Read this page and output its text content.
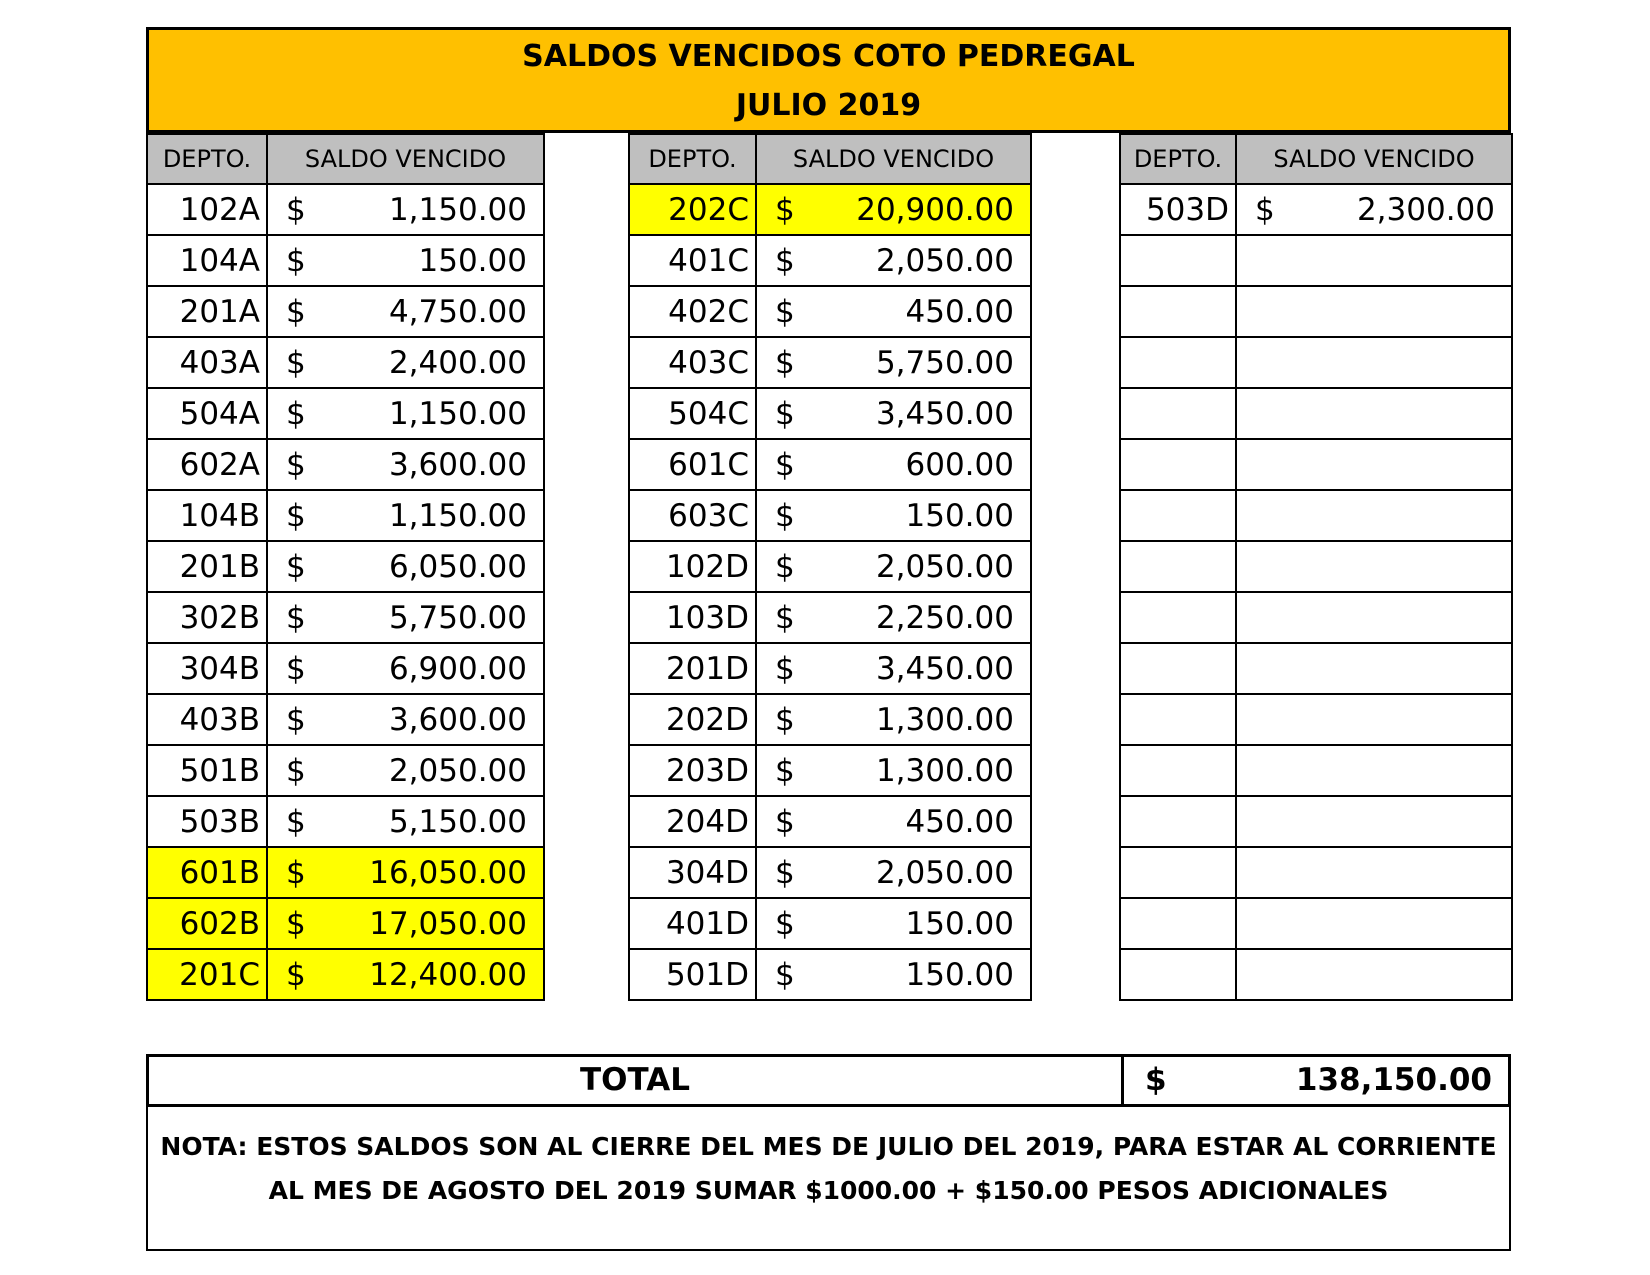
SALDOS VENCIDOS COTO PEDREGAL
JULIO 2019
DEPTO.	SALDO VENCIDO
102A	$ 1,150.00
104A	$ 150.00
201A	$ 4,750.00
403A	$ 2,400.00
504A	$ 1,150.00
602A	$ 3,600.00
104B	$ 1,150.00
201B	$ 6,050.00
302B	$ 5,750.00
304B	$ 6,900.00
403B	$ 3,600.00
501B	$ 2,050.00
503B	$ 5,150.00
601B	$ 16,050.00
602B	$ 17,050.00
201C	$ 12,400.00
DEPTO.	SALDO VENCIDO
202C	$ 20,900.00
401C	$ 2,050.00
402C	$ 450.00
403C	$ 5,750.00
504C	$ 3,450.00
601C	$ 600.00
603C	$ 150.00
102D	$ 2,050.00
103D	$ 2,250.00
201D	$ 3,450.00
202D	$ 1,300.00
203D	$ 1,300.00
204D	$ 450.00
304D	$ 2,050.00
401D	$ 150.00
501D	$ 150.00
DEPTO.	SALDO VENCIDO
503D	$ 2,300.00

TOTAL	$	138,150.00
NOTA: ESTOS SALDOS SON AL CIERRE DEL MES DE JULIO DEL 2019, PARA ESTAR AL CORRIENTE
AL MES DE AGOSTO DEL 2019 SUMAR $1000.00 + $150.00 PESOS ADICIONALES
